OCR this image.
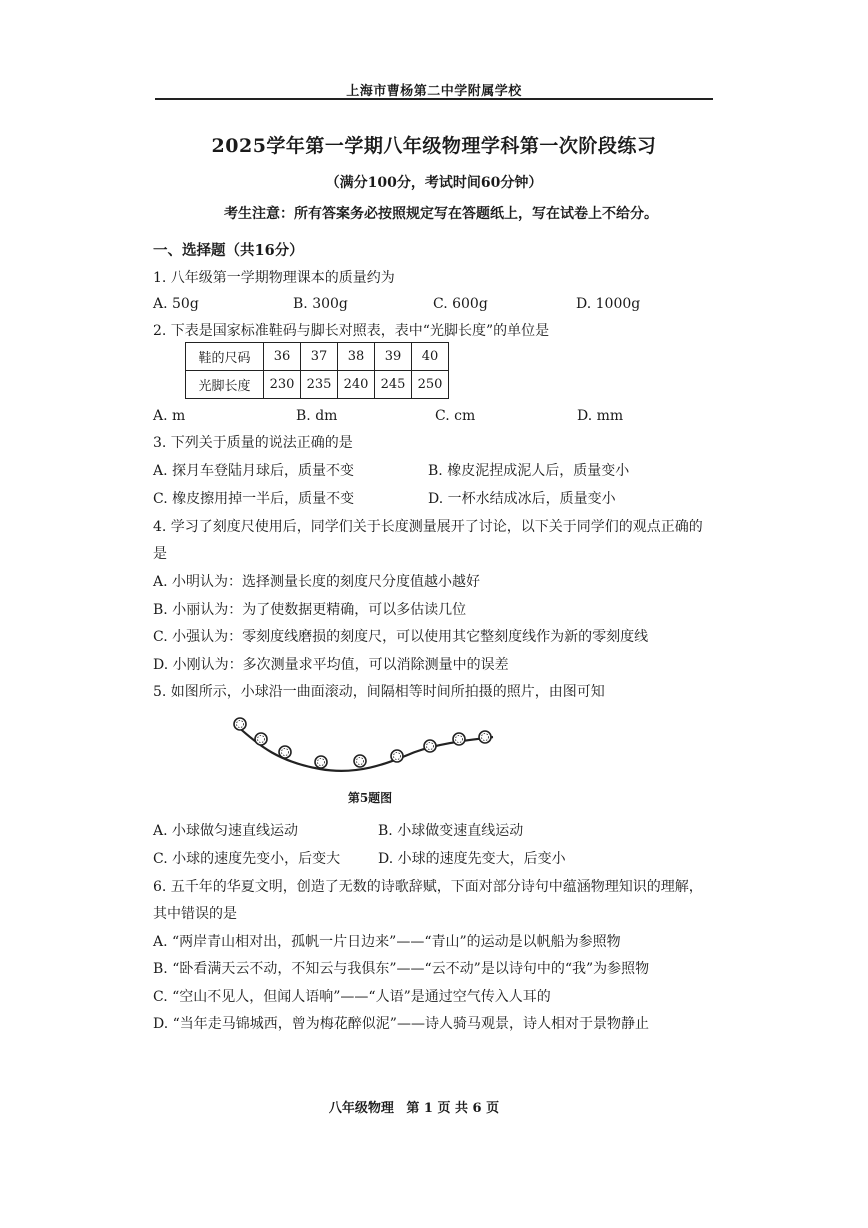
上海市曹杨第二中学附属学校
2025学年第一学期八年级物理学科第一次阶段练习
（满分100分，考试时间60分钟）
考生注意：所有答案务必按照规定写在答题纸上，写在试卷上不给分。
一、选择题（共16分）
1. 八年级第一学期物理课本的质量约为
A. 50g	B. 300g	C. 600g	D. 1000g
2. 下表是国家标准鞋码与脚长对照表，表中“光脚长度”的单位是
鞋的尺码	36	37	38	39	40
光脚长度	230	235	240	245	250
A. m	B. dm	C. cm	D. mm
3. 下列关于质量的说法正确的是
A. 探月车登陆月球后，质量不变	B. 橡皮泥捏成泥人后，质量变小
C. 橡皮擦用掉一半后，质量不变	D. 一杯水结成冰后，质量变小
4. 学习了刻度尺使用后，同学们关于长度测量展开了讨论，以下关于同学们的观点正确的
是
A. 小明认为：选择测量长度的刻度尺分度值越小越好
B. 小丽认为：为了使数据更精确，可以多估读几位
C. 小强认为：零刻度线磨损的刻度尺，可以使用其它整刻度线作为新的零刻度线
D. 小刚认为：多次测量求平均值，可以消除测量中的误差
5. 如图所示，小球沿一曲面滚动，间隔相等时间所拍摄的照片，由图可知
第5题图
A. 小球做匀速直线运动	B. 小球做变速直线运动
C. 小球的速度先变小，后变大	D. 小球的速度先变大，后变小
6. 五千年的华夏文明，创造了无数的诗歌辞赋，下面对部分诗句中蕴涵物理知识的理解，
其中错误的是
A. “两岸青山相对出，孤帆一片日边来”——“青山”的运动是以帆船为参照物
B. “卧看满天云不动，不知云与我俱东”——“云不动”是以诗句中的“我”为参照物
C. “空山不见人，但闻人语响”——“人语”是通过空气传入人耳的
D. “当年走马锦城西，曾为梅花醉似泥”——诗人骑马观景，诗人相对于景物静止
八年级物理 第 1 页 共 6 页
